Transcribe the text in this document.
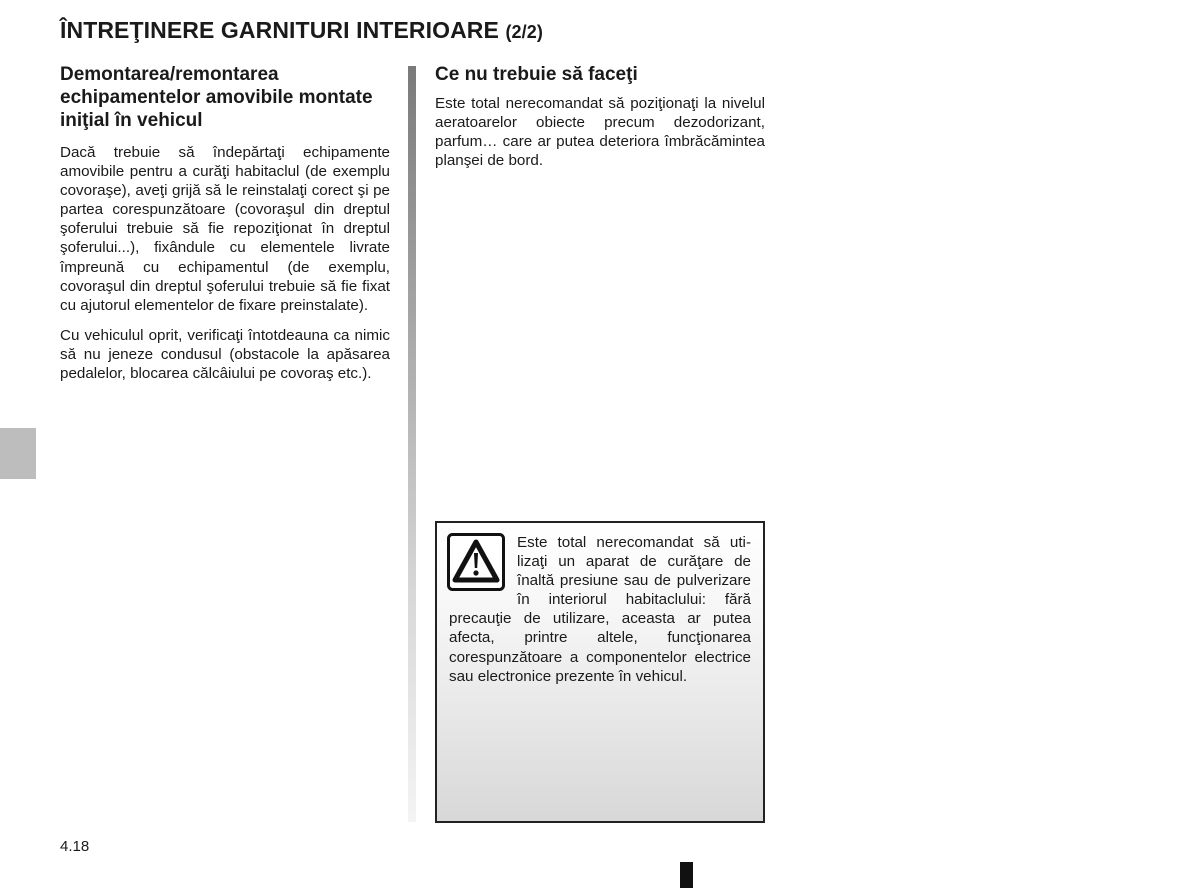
ÎNTREŢINERE GARNITURI INTERIOARE (2/2)
Demontarea/remontarea echipamentelor amovibile montate iniţial în vehicul

Dacă trebuie să îndepărtaţi echipamente amovibile pentru a curăţi habitaclul (de exemplu covoraşe), aveţi grijă să le reinstalaţi corect şi pe partea corespunzătoare (covoraşul din dreptul şoferului trebuie să fie repoziţionat în dreptul şoferului...), fixândule cu elementele livrate împreună cu echipamentul (de exemplu, covoraşul din dreptul şoferului trebuie să fie fixat cu ajutorul elementelor de fixare preinstalate).

Cu vehiculul oprit, verificaţi întotdeauna ca nimic să nu jeneze condusul (obstacole la apăsarea pedalelor, blocarea călcâiului pe covoraş etc.).

Ce nu trebuie să faceţi

Este total nerecomandat să poziţionaţi la nivelul aeratoarelor obiecte precum dezodorizant, parfum… care ar putea deteriora îmbrăcămintea planşei de bord.

Este total nerecomandat să utilizaţi un aparat de curăţare de înaltă presiune sau de pulverizare în interiorul habitaclului: fără precauţie de utilizare, aceasta ar putea afecta, printre altele, funcţionarea corespunzătoare a componentelor electrice sau electronice prezente în vehicul.

4.18
